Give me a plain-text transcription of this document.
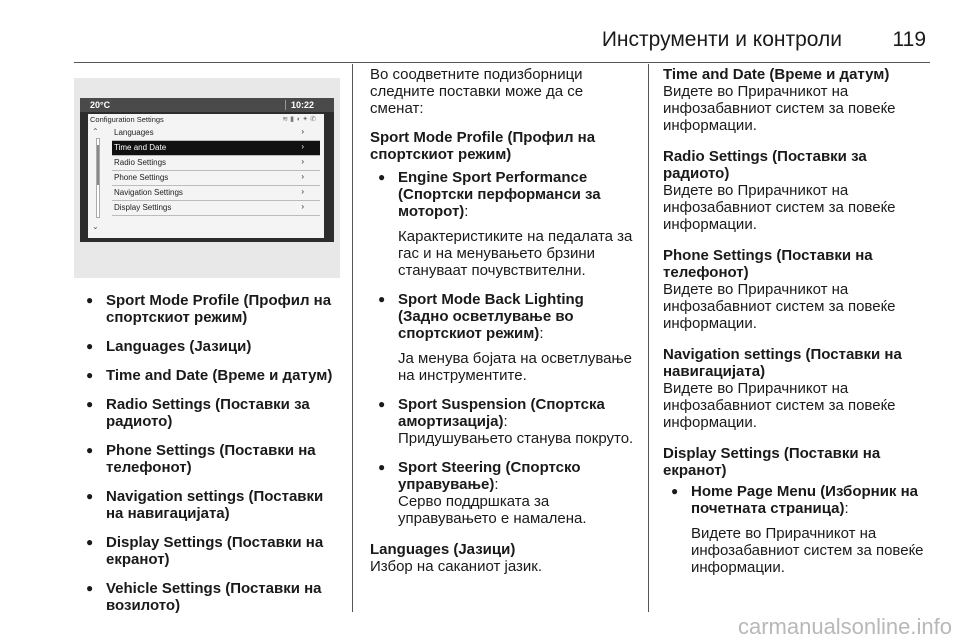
Инструменти и контроли 119
20°C	10:22
Configuration Settings	≋▮◖✦✆
⌃
⌄
Languages	›
Time and Date	›
Radio Settings	›
Phone Settings	›
Navigation Settings	›
Display Settings	›
● Sport Mode Profile (Профил на спортскиот режим)
● Languages (Јазици)
● Time and Date (Време и датум)
● Radio Settings (Поставки за радиото)
● Phone Settings (Поставки на телефонот)
● Navigation settings (Поставки на навигацијата)
● Display Settings (Поставки на екранот)
● Vehicle Settings (Поставки на возилото)
Во соодветните подизборници следните поставки може да се сменат:
Sport Mode Profile (Профил на спортскиот режим)
● Engine Sport Performance (Спортски перформанси за моторот):
Карактеристиките на педалата за гас и на менувањето брзини стануваат почувствителни.
● Sport Mode Back Lighting (Задно осветлување во спортскиот режим):
Ја менува бојата на осветлување на инструментите.
● Sport Suspension (Спортска амортизација):
Придушувањето станува покруто.
● Sport Steering (Спортско управување):
Серво поддршката за управувањето е намалена.
Languages (Јазици)
Избор на саканиот јазик.
Time and Date (Време и датум)
Видете во Прирачникот на инфозабавниот систем за повеќе информации.
Radio Settings (Поставки за радиото)
Видете во Прирачникот на инфозабавниот систем за повеќе информации.
Phone Settings (Поставки на телефонот)
Видете во Прирачникот на инфозабавниот систем за повеќе информации.
Navigation settings (Поставки на навигацијата)
Видете во Прирачникот на инфозабавниот систем за повеќе информации.
Display Settings (Поставки на екранот)
● Home Page Menu (Изборник на почетната страница):
Видете во Прирачникот на инфозабавниот систем за повеќе информации.
carmanualsonline.info
